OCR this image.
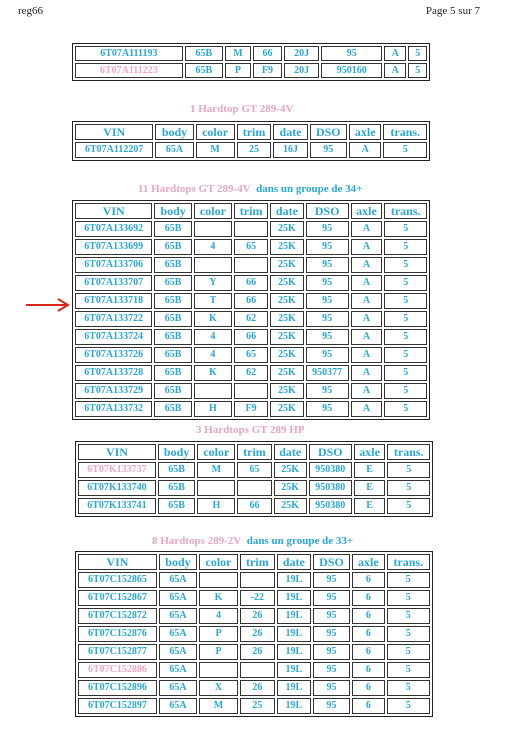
reg66	Page 5 sur 7
6T07A111193	65B	M	66	20J	95	A	5
6T07A111223	65B	P	F9	20J	950160	A	5
1 Hardtop GT 289-4V
VIN	body	color	trim	date	DSO	axle	trans.
6T07A112207	65A	M	25	16J	95	A	5
11 Hardtops GT 289-4V dans un groupe de 34+
VIN	body	color	trim	date	DSO	axle	trans.
6T07A133692	65B			25K	95	A	5
6T07A133699	65B	4	65	25K	95	A	5
6T07A133706	65B			25K	95	A	5
6T07A133707	65B	Y	66	25K	95	A	5
6T07A133718	65B	T	66	25K	95	A	5
6T07A133722	65B	K	62	25K	95	A	5
6T07A133724	65B	4	66	25K	95	A	5
6T07A133726	65B	4	65	25K	95	A	5
6T07A133728	65B	K	62	25K	950377	A	5
6T07A133729	65B			25K	95	A	5
6T07A133732	65B	H	F9	25K	95	A	5
3 Hardtops GT 289 HP
VIN	body	color	trim	date	DSO	axle	trans.
6T07K133737	65B	M	65	25K	950380	E	5
6T07K133740	65B			25K	950380	E	5
6T07K133741	65B	H	66	25K	950380	E	5
8 Hardtops 289-2V dans un groupe de 33+
VIN	body	color	trim	date	DSO	axle	trans.
6T07C152865	65A			19L	95	6	5
6T07C152867	65A	K	-22	19L	95	6	5
6T07C152872	65A	4	26	19L	95	6	5
6T07C152876	65A	P	26	19L	95	6	5
6T07C152877	65A	P	26	19L	95	6	5
6T07C152886	65A			19L	95	6	5
6T07C152896	65A	X	26	19L	95	6	5
6T07C152897	65A	M	25	19L	95	6	5
